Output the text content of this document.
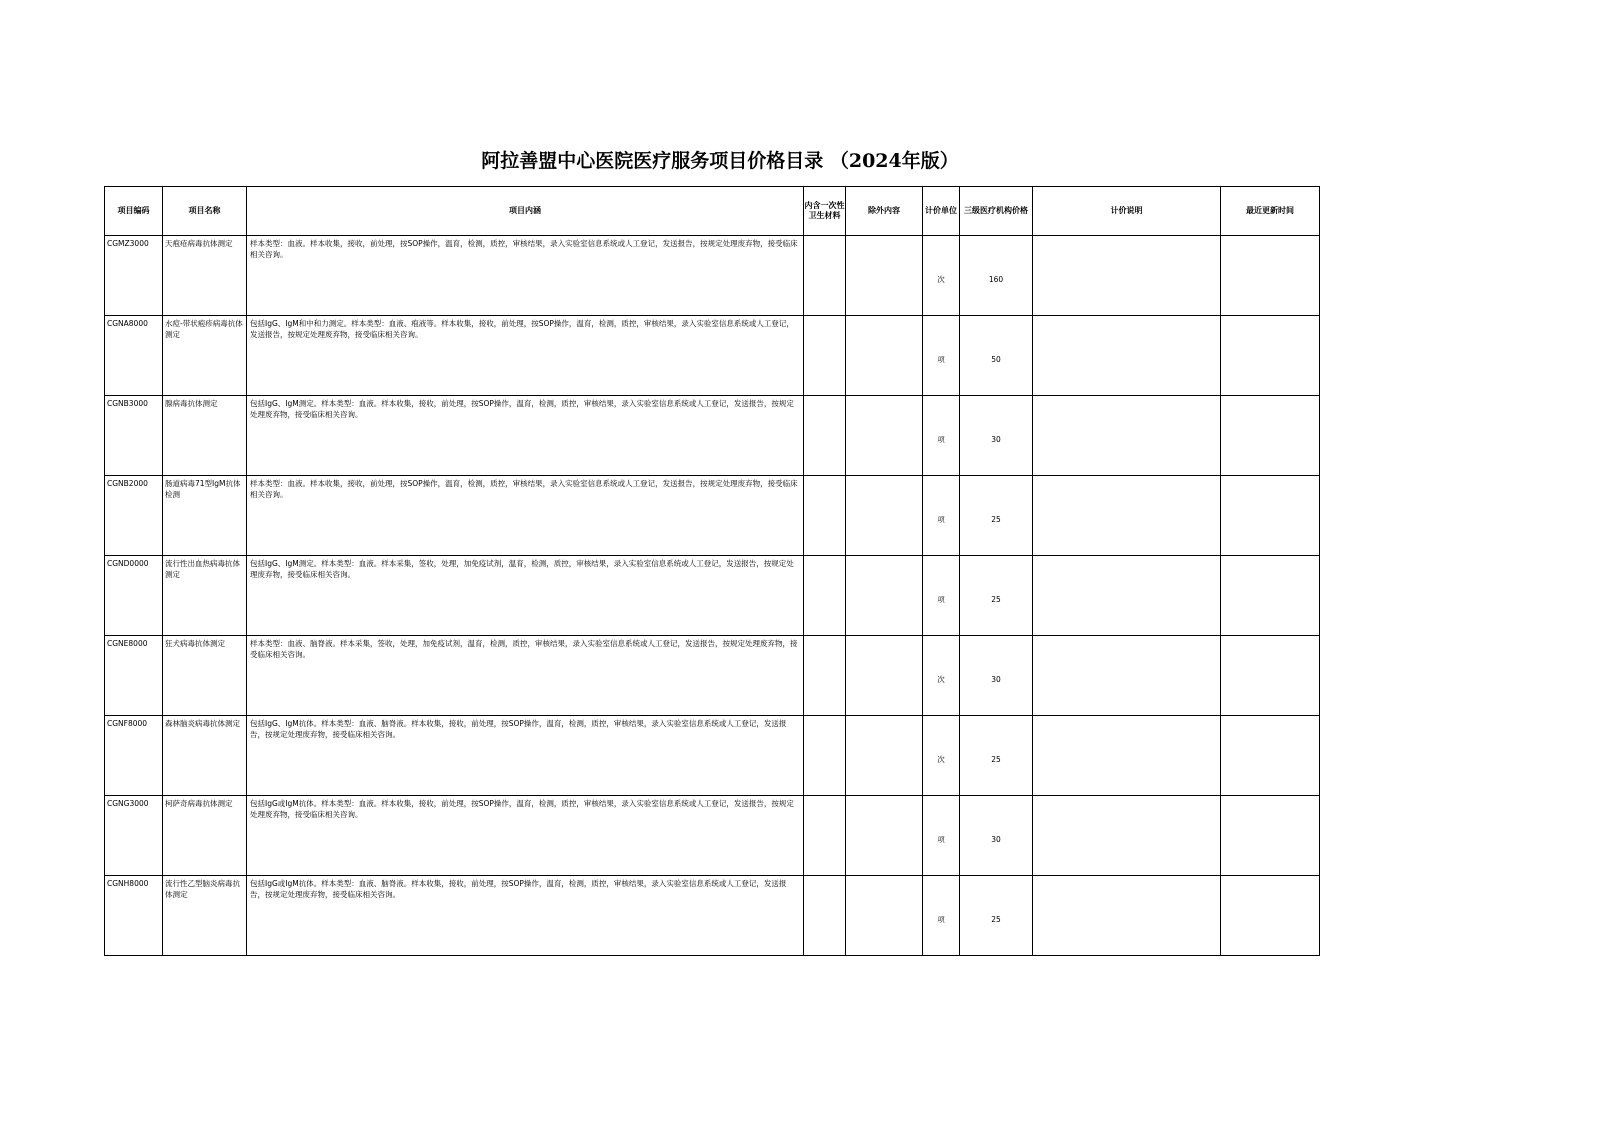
阿拉善盟中心医院医疗服务项目价格目录 （2024年版）
项目编码	项目名称	项目内涵	内含一次性卫生材料	除外内容	计价单位	三级医疗机构价格	计价说明	最近更新时间
CGMZ3000	天疱疮病毒抗体测定	样本类型：血液。样本收集，接收，前处理，按SOP操作，温育，检测，质控，审核结果，录入实验室信息系统或人工登记，发送报告，按规定处理废弃物，接受临床相关咨询。			次	160		
CGNA8000	水痘-带状疱疹病毒抗体测定	包括IgG、IgM和中和力测定。样本类型：血液、疱液等。样本收集，接收，前处理，按SOP操作，温育，检测，质控，审核结果，录入实验室信息系统或人工登记，发送报告，按规定处理废弃物，接受临床相关咨询。			项	50		
CGNB3000	腺病毒抗体测定	包括IgG、IgM测定。样本类型：血液。样本收集，接收，前处理，按SOP操作，温育，检测，质控，审核结果，录入实验室信息系统或人工登记，发送报告，按规定处理废弃物，接受临床相关咨询。			项	30		
CGNB2000	肠道病毒71型IgM抗体检测	样本类型：血液。样本收集，接收，前处理，按SOP操作，温育，检测，质控，审核结果，录入实验室信息系统或人工登记，发送报告，按规定处理废弃物，接受临床相关咨询。			项	25		
CGND0000	流行性出血热病毒抗体测定	包括IgG、IgM测定。样本类型：血液。样本采集，签收，处理，加免疫试剂，温育，检测，质控，审核结果，录入实验室信息系统或人工登记，发送报告，按规定处理废弃物，接受临床相关咨询。			项	25		
CGNE8000	狂犬病毒抗体测定	样本类型：血液、脑脊液。样本采集，签收，处理，加免疫试剂，温育，检测，质控，审核结果，录入实验室信息系统或人工登记，发送报告，按规定处理废弃物，接受临床相关咨询。			次	30		
CGNF8000	森林脑炎病毒抗体测定	包括IgG、IgM抗体。样本类型：血液、脑脊液。样本收集，接收，前处理，按SOP操作，温育，检测，质控，审核结果，录入实验室信息系统或人工登记，发送报告，按规定处理废弃物，接受临床相关咨询。			次	25		
CGNG3000	柯萨奇病毒抗体测定	包括IgG或IgM抗体。样本类型：血液。样本收集，接收，前处理，按SOP操作，温育，检测，质控，审核结果，录入实验室信息系统或人工登记，发送报告，按规定处理废弃物，接受临床相关咨询。			项	30		
CGNH8000	流行性乙型脑炎病毒抗体测定	包括IgG或IgM抗体。样本类型：血液、脑脊液。样本收集，接收，前处理，按SOP操作，温育，检测，质控，审核结果，录入实验室信息系统或人工登记，发送报告，按规定处理废弃物，接受临床相关咨询。			项	25		
